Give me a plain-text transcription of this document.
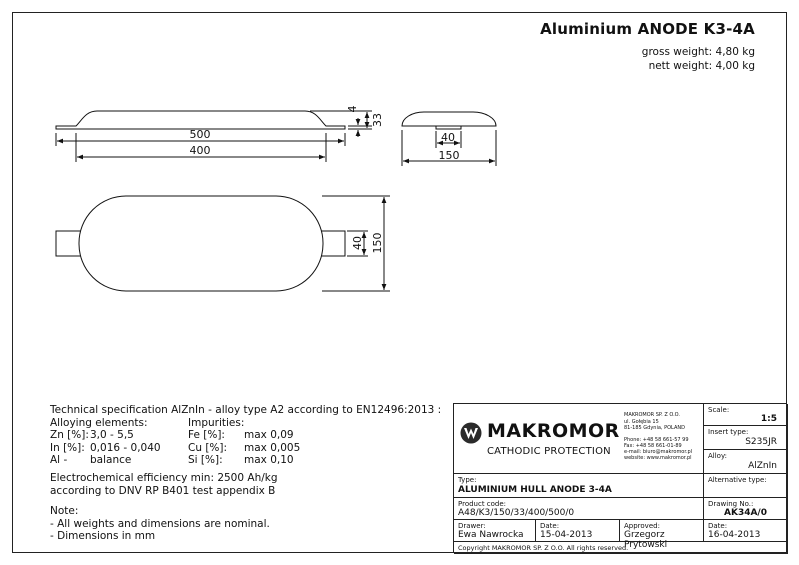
Aluminium ANODE K3-4A
gross weight: 4,80 kg
nett weight: 4,00 kg
500
400
4
33
40
150
40 150
Technical specification AlZnIn - alloy type A2 according to EN12496:2013 :
Alloying elements:	Impurities:
Zn [%]: 3,0 - 5,5	Fe [%]: max 0,09
In [%]: 0,016 - 0,040	Cu [%]: max 0,005
Al - balance	Si [%]: max 0,10
Electrochemical efficiency min: 2500 Ah/kg
according to DNV RP B401 test appendix B
Note:
- All weights and dimensions are nominal.
- Dimensions in mm
MAKROMOR
CATHODIC PROTECTION
MAKROMOR SP. Z O.O.
ul. Gołębia 15
81-185 Gdynia, POLAND
Phone: +48 58 661-57 99
Fax: +48 58 661-01-89
e-mail: biuro@makromor.pl
website: www.makromor.pl
Scale:
1:5
Insert type:
S235JR
Alloy:
AlZnIn
Alternative type:
Type:
ALUMINIUM HULL ANODE 3-4A
Product code:
A48/K3/150/33/400/500/0
Drawing No.:
AK34A/0
Drawer:
Ewa Nawrocka
Date:
15-04-2013
Approved:
Grzegorz Prytowski
Date:
16-04-2013
Copyright MAKROMOR SP. Z O.O. All rights reserved.
